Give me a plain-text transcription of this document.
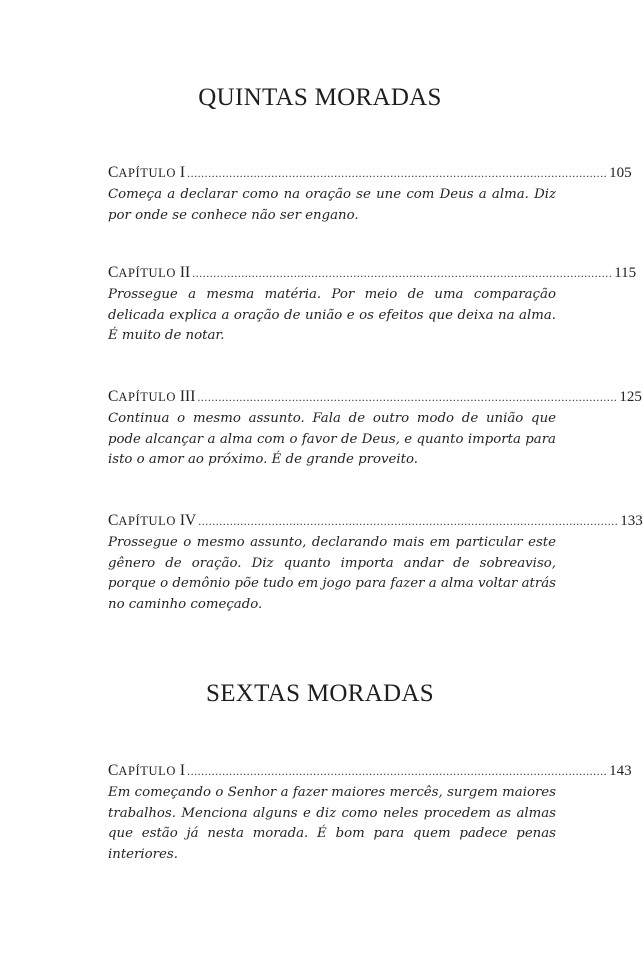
QUINTAS MORADAS
C APÍTULO
I ........................................................................................................................ 105
Começa a declarar como na oração se une com Deus a alma. Diz por onde se conhece não ser engano.
C APÍTULO
II ........................................................................................................................ 115
Prossegue a mesma matéria. Por meio de uma comparação delicada explica a oração de união e os efeitos que deixa na alma. É muito de notar.
C APÍTULO
III ........................................................................................................................ 125
Continua o mesmo assunto. Fala de outro modo de união que pode alcançar a alma com o favor de Deus, e quanto importa para isto o amor ao próximo. É de grande proveito.
C APÍTULO
IV ........................................................................................................................ 133
Prossegue o mesmo assunto, declarando mais em particular este gênero de oração. Diz quanto importa andar de sobreaviso, porque o demônio põe tudo em jogo para fazer a alma voltar atrás no caminho começado.
SEXTAS MORADAS
C APÍTULO
I ........................................................................................................................ 143
Em começando o Senhor a fazer maiores mercês, surgem maiores trabalhos. Menciona alguns e diz como neles procedem as almas que estão já nesta morada. É bom para quem padece penas interiores.
